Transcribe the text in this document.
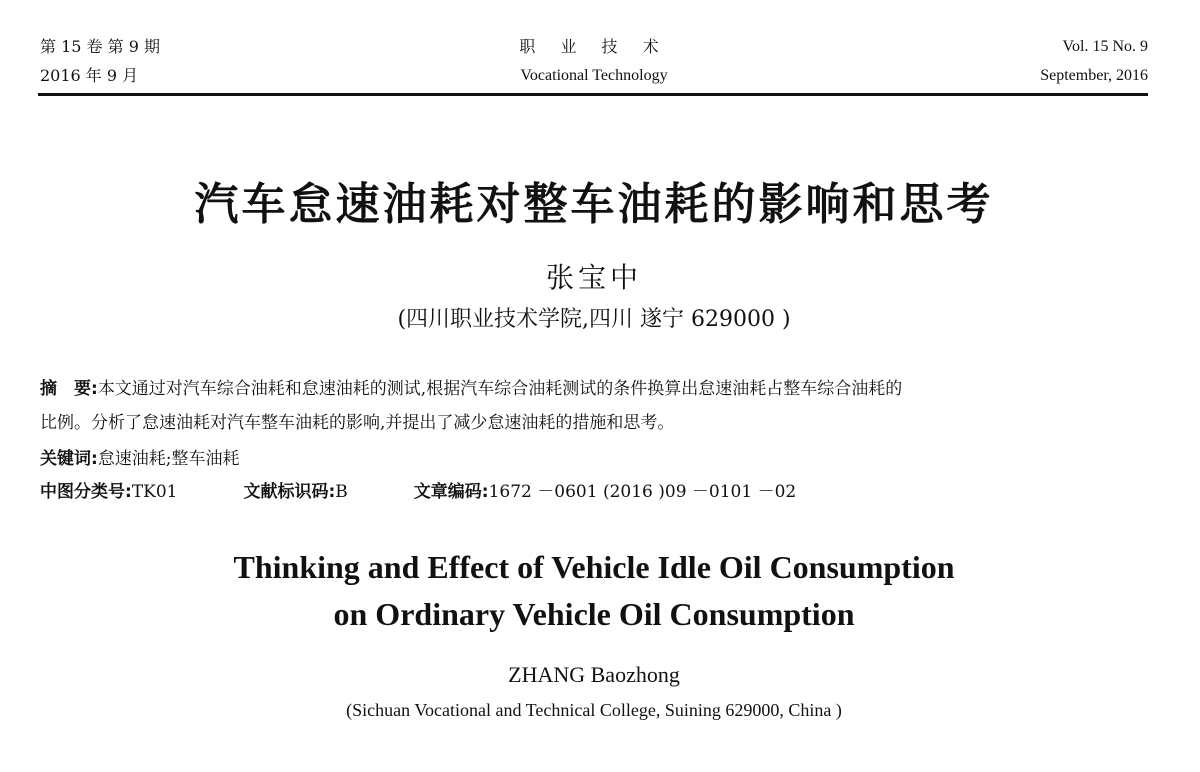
第 15 卷 第 9 期
2016 年 9 月
职 业 技 术
Vocational Technology
Vol. 15 No. 9
September, 2016
汽车怠速油耗对整车油耗的影响和思考
张宝中
(四川职业技术学院,四川 遂宁 629000 )
摘　要:本文通过对汽车综合油耗和怠速油耗的测试,根据汽车综合油耗测试的条件换算出怠速油耗占整车综合油耗的
比例。分析了怠速油耗对汽车整车油耗的影响,并提出了减少怠速油耗的措施和思考。
关键词:怠速油耗;整车油耗
中图分类号:TK01	文献标识码:B	文章编码:1672 －0601 (2016 )09 －0101 －02
Thinking and Effect of Vehicle Idle Oil Consumption
on Ordinary Vehicle Oil Consumption
ZHANG Baozhong
(Sichuan Vocational and Technical College, Suining 629000, China )
